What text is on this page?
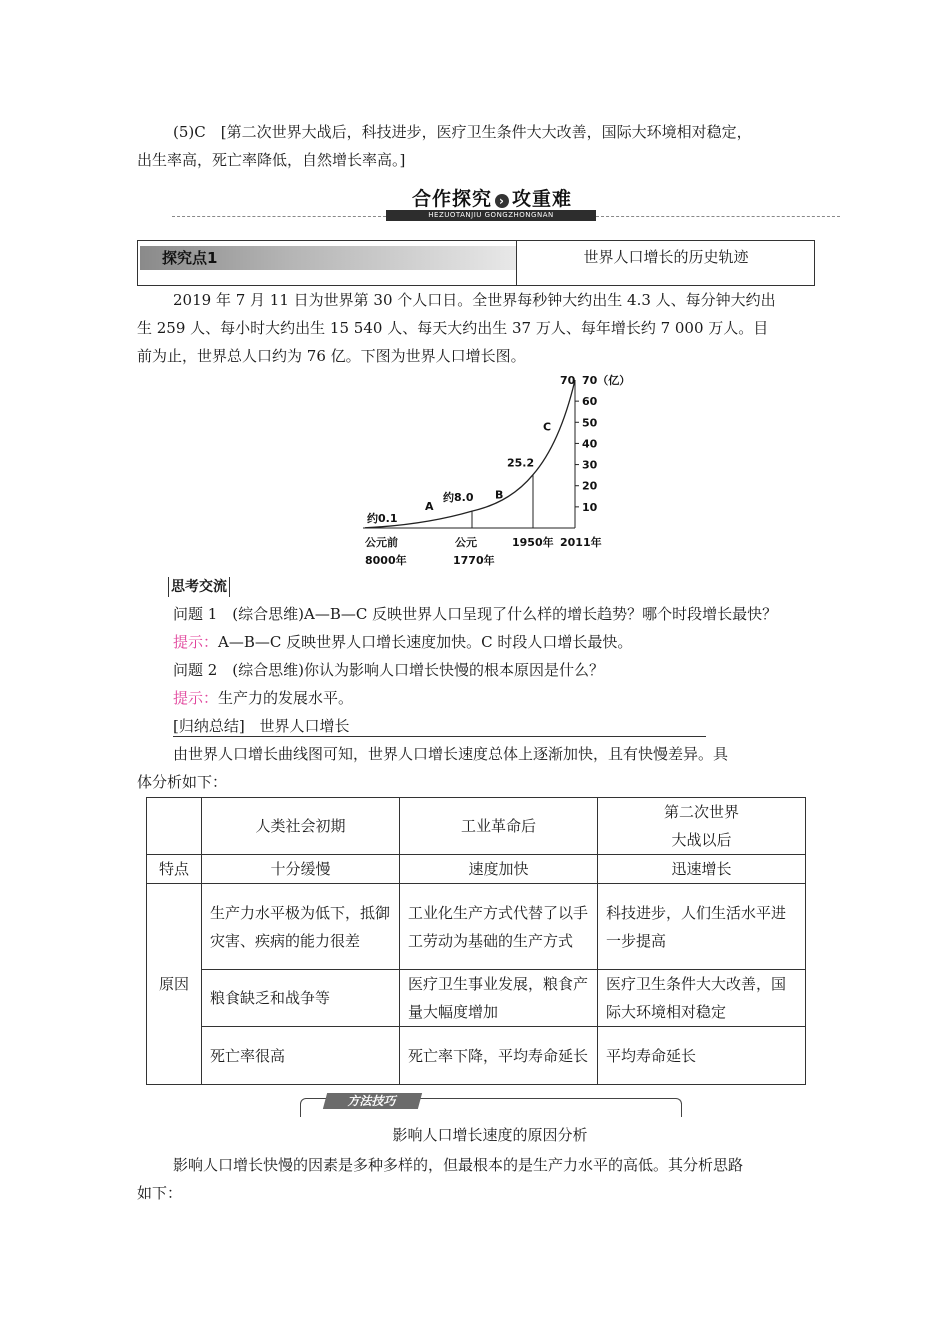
(5)C　[第二次世界大战后，科技进步，医疗卫生条件大大改善，国际大环境相对稳定，

出生率高，死亡率降低，自然增长率高。]

合作探究 › 攻重难
HEZUOTANJIU GONGZHONGNAN
探究点1	世界人口增长的历史轨迹

2019 年 7 月 11 日为世界第 30 个人口日。全世界每秒钟大约出生 4.3 人、每分钟大约出

生 259 人、每小时大约出生 15 540 人、每天大约出生 37 万人、每年增长约 7 000 万人。目

前为止，世界总人口约为 76 亿。下图为世界人口增长图。

60
50
40
30
20
10
70（亿）
约0.1
约8.0
25.2
70
A
B
C
公元前
8000年
公元
1770年
1950年 2011年
思考交流

问题 1　(综合思维)A—B—C 反映世界人口呈现了什么样的增长趋势？哪个时段增长最快？

提示：A—B—C 反映世界人口增长速度加快。C 时段人口增长最快。

问题 2　(综合思维)你认为影响人口增长快慢的根本原因是什么？

提示：生产力的发展水平。

[归纳总结] 世界人口增长

由世界人口增长曲线图可知，世界人口增长速度总体上逐渐加快，且有快慢差异。具

体分析如下：

	人类社会初期	工业革命后	第二次世界
大战以后

特点	十分缓慢	速度加快	迅速增长
原因	生产力水平极为低下，抵御灾害、疾病的能力很差	工业化生产方式代替了以手工劳动为基础的生产方式	科技进步，人们生活水平进一步提高
	粮食缺乏和战争等	医疗卫生事业发展，粮食产量大幅度增加	医疗卫生条件大大改善，国际大环境相对稳定
	死亡率很高	死亡率下降，平均寿命延长	平均寿命延长
方法技巧
影响人口增长速度的原因分析

影响人口增长快慢的因素是多种多样的，但最根本的是生产力水平的高低。其分析思路

如下：
